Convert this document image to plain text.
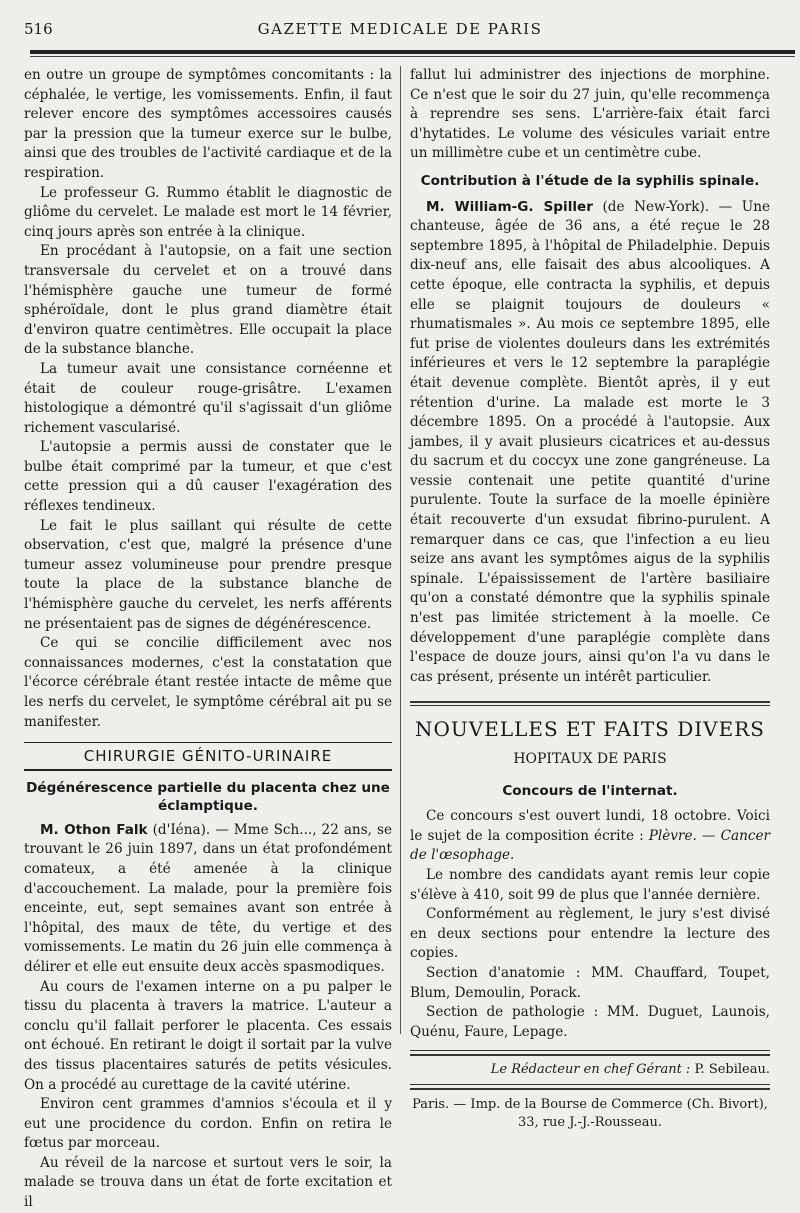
516	GAZETTE MEDICALE DE PARIS

en outre un groupe de symptômes concomitants : la céphalée, le vertige, les vomissements. Enfin, il faut relever encore des symptômes accessoires causés par la pression que la tumeur exerce sur le bulbe, ainsi que des troubles de l'activité cardiaque et de la respiration.

Le professeur G. Rummo établit le diagnostic de gliôme du cervelet. Le malade est mort le 14 février, cinq jours après son entrée à la clinique.

En procédant à l'autopsie, on a fait une section transversale du cervelet et on a trouvé dans l'hémisphère gauche une tumeur de formé sphéroïdale, dont le plus grand diamètre était d'environ quatre centimètres. Elle occupait la place de la substance blanche.

La tumeur avait une consistance cornéenne et était de couleur rouge-grisâtre. L'examen histologique a démontré qu'il s'agissait d'un gliôme richement vascularisé.

L'autopsie a permis aussi de constater que le bulbe était comprimé par la tumeur, et que c'est cette pression qui a dû causer l'exagération des réflexes tendineux.

Le fait le plus saillant qui résulte de cette observation, c'est que, malgré la présence d'une tumeur assez volumineuse pour prendre presque toute la place de la substance blanche de l'hémisphère gauche du cervelet, les nerfs afférents ne présentaient pas de signes de dégénérescence.

Ce qui se concilie difficilement avec nos connaissances modernes, c'est la constatation que l'écorce cérébrale étant restée intacte de même que les nerfs du cervelet, le symptôme cérébral ait pu se manifester.

CHIRURGIE GÉNITO-URINAIRE
Dégénérescence partielle du placenta chez une éclamptique.

M. Othon Falk (d'Iéna). — Mme Sch..., 22 ans, se trouvant le 26 juin 1897, dans un état profondément comateux, a été amenée à la clinique d'accouchement. La malade, pour la première fois enceinte, eut, sept semaines avant son entrée à l'hôpital, des maux de tête, du vertige et des vomissements. Le matin du 26 juin elle commença à délirer et elle eut ensuite deux accès spasmodiques.

Au cours de l'examen interne on a pu palper le tissu du placenta à travers la matrice. L'auteur a conclu qu'il fallait perforer le placenta. Ces essais ont échoué. En retirant le doigt il sortait par la vulve des tissus placentaires saturés de petits vésicules. On a procédé au curettage de la cavité utérine.

Environ cent grammes d'amnios s'écoula et il y eut une procidence du cordon. Enfin on retira le fœtus par morceau.

Au réveil de la narcose et surtout vers le soir, la malade se trouva dans un état de forte excitation et il

fallut lui administrer des injections de morphine. Ce n'est que le soir du 27 juin, qu'elle recommença à reprendre ses sens. L'arrière-faix était farci d'hytatides. Le volume des vésicules variait entre un millimètre cube et un centimètre cube.

Contribution à l'étude de la syphilis spinale.

M. William-G. Spiller (de New-York). — Une chanteuse, âgée de 36 ans, a été reçue le 28 septembre 1895, à l'hôpital de Philadelphie. Depuis dix-neuf ans, elle faisait des abus alcooliques. A cette époque, elle contracta la syphilis, et depuis elle se plaignit toujours de douleurs « rhumatismales ». Au mois ce septembre 1895, elle fut prise de violentes douleurs dans les extrémités inférieures et vers le 12 septembre la paraplégie était devenue complète. Bientôt après, il y eut rétention d'urine. La malade est morte le 3 décembre 1895. On a procédé à l'autopsie. Aux jambes, il y avait plusieurs cicatrices et au-dessus du sacrum et du coccyx une zone gangréneuse. La vessie contenait une petite quantité d'urine purulente. Toute la surface de la moelle épinière était recouverte d'un exsudat fibrino-purulent. A remarquer dans ce cas, que l'infection a eu lieu seize ans avant les symptômes aigus de la syphilis spinale. L'épaississement de l'artère basiliaire qu'on a constaté démontre que la syphilis spinale n'est pas limitée strictement à la moelle. Ce développement d'une paraplégie complète dans l'espace de douze jours, ainsi qu'on l'a vu dans le cas présent, présente un intérêt particulier.

NOUVELLES ET FAITS DIVERS
HOPITAUX DE PARIS
Concours de l'internat.

Ce concours s'est ouvert lundi, 18 octobre. Voici le sujet de la composition écrite : Plèvre. — Cancer de l'œsophage.

Le nombre des candidats ayant remis leur copie s'élève à 410, soit 99 de plus que l'année dernière.

Conformément au règlement, le jury s'est divisé en deux sections pour entendre la lecture des copies.

Section d'anatomie : MM. Chauffard, Toupet, Blum, Demoulin, Porack.

Section de pathologie : MM. Duguet, Launois, Quénu, Faure, Lepage.

Le Rédacteur en chef Gérant : P. Sebileau.
Paris. — Imp. de la Bourse de Commerce (Ch. Bivort),
33, rue J.-J.-Rousseau.
